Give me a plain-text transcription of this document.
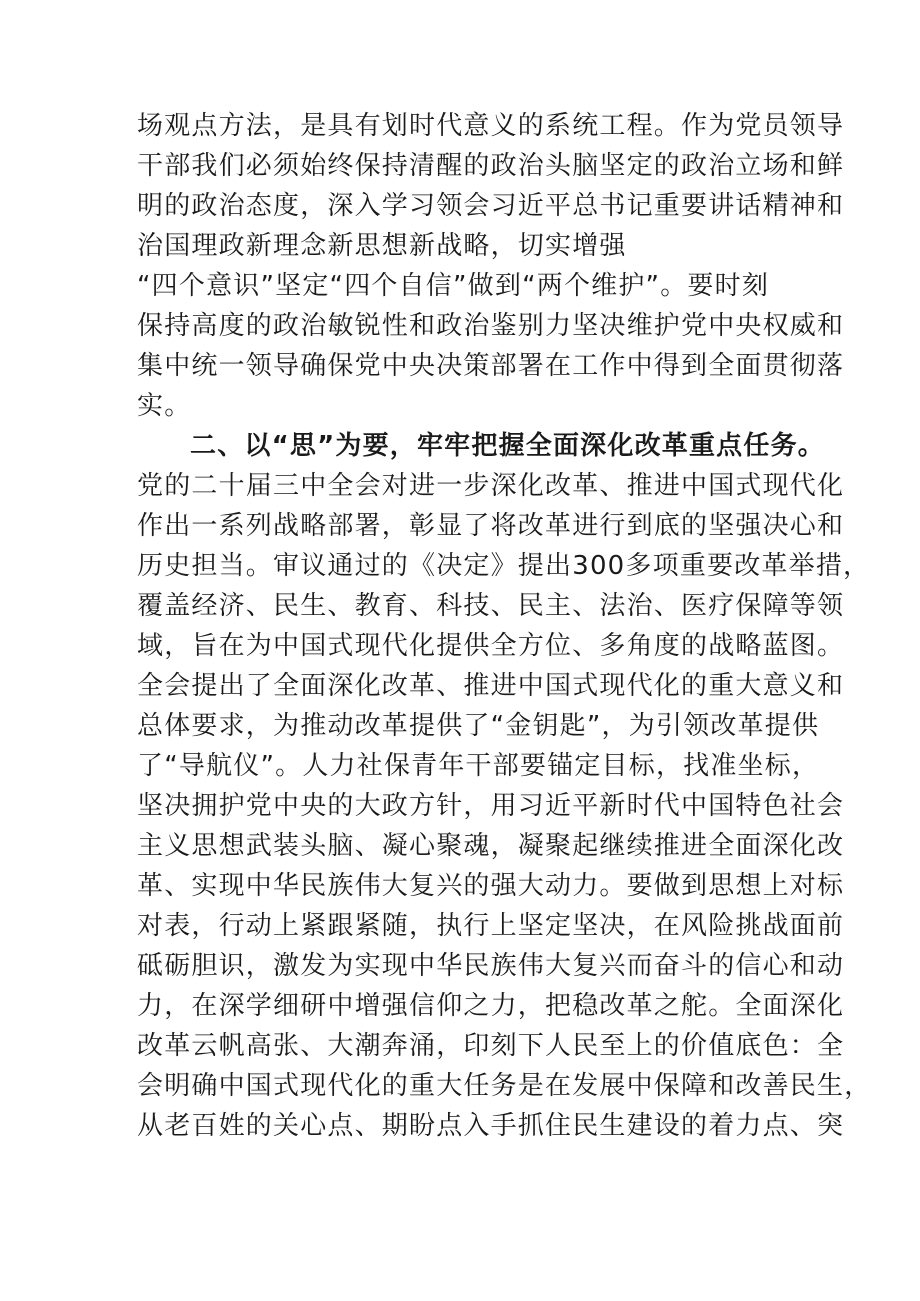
场观点方法，是具有划时代意义的系统工程。作为党员领导
干部我们必须始终保持清醒的政治头脑坚定的政治立场和鲜
明的政治态度，深入学习领会习近平总书记重要讲话精神和
治国理政新理念新思想新战略，切实增强
“四个意识”坚定“四个自信”做到“两个维护”。要时刻
保持高度的政治敏锐性和政治鉴别力坚决维护党中央权威和
集中统一领导确保党中央决策部署在工作中得到全面贯彻落
实。
二、以“思”为要，牢牢把握全面深化改革重点任务。
党的二十届三中全会对进一步深化改革、推进中国式现代化
作出一系列战略部署，彰显了将改革进行到底的坚强决心和
历史担当。审议通过的《决定》提出300多项重要改革举措，
覆盖经济、民生、教育、科技、民主、法治、医疗保障等领
域，旨在为中国式现代化提供全方位、多角度的战略蓝图。
全会提出了全面深化改革、推进中国式现代化的重大意义和
总体要求，为推动改革提供了“金钥匙”，为引领改革提供
了“导航仪”。人力社保青年干部要锚定目标，找准坐标，
坚决拥护党中央的大政方针，用习近平新时代中国特色社会
主义思想武装头脑、凝心聚魂，凝聚起继续推进全面深化改
革、实现中华民族伟大复兴的强大动力。要做到思想上对标
对表，行动上紧跟紧随，执行上坚定坚决，在风险挑战面前
砥砺胆识，激发为实现中华民族伟大复兴而奋斗的信心和动
力，在深学细研中增强信仰之力，把稳改革之舵。全面深化
改革云帆高张、大潮奔涌，印刻下人民至上的价值底色：全
会明确中国式现代化的重大任务是在发展中保障和改善民生，
从老百姓的关心点、期盼点入手抓住民生建设的着力点、突
